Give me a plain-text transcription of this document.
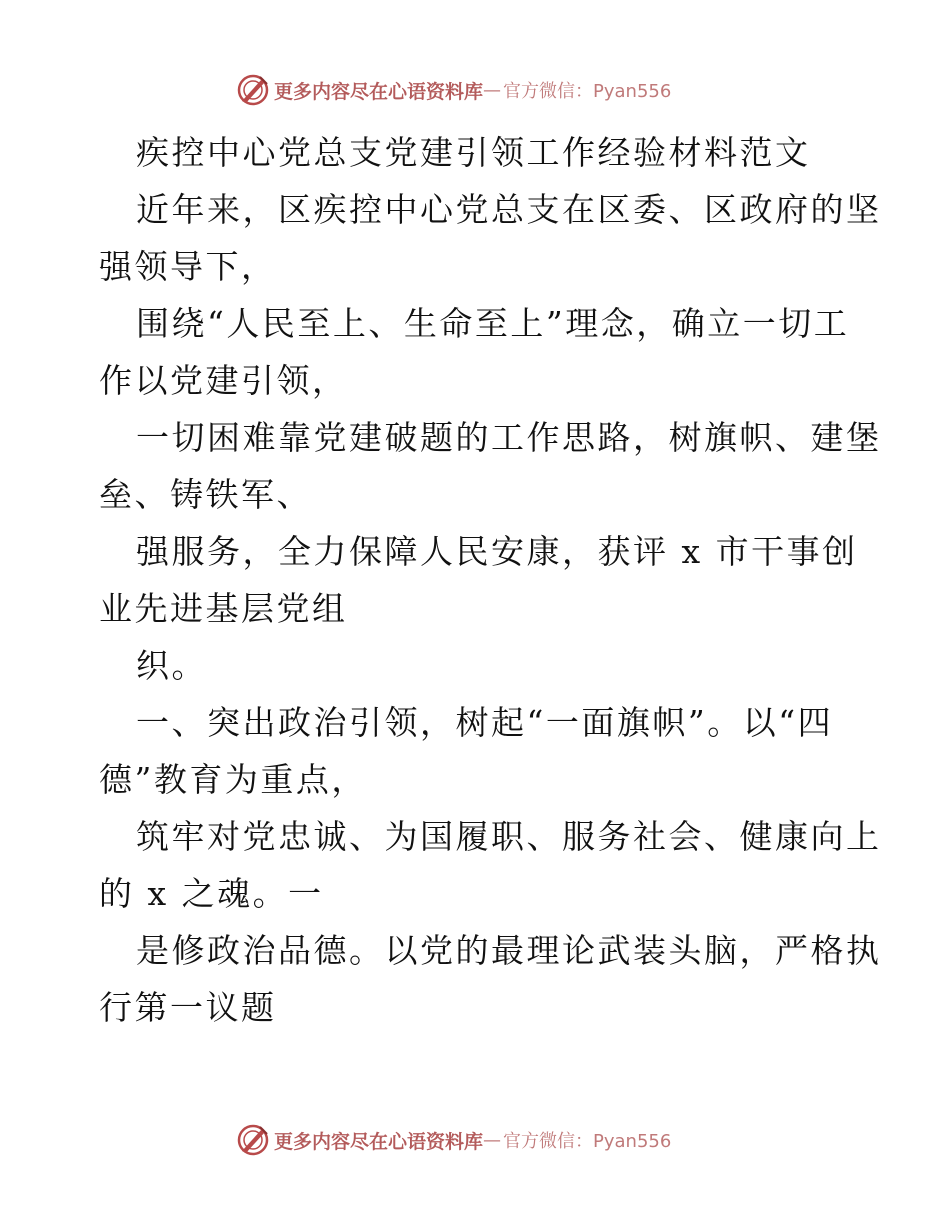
更多内容尽在心语资料库 — 官方微信：Pyan556
疾控中心党总支党建引领工作经验材料范文
近年来，区疾控中心党总支在区委、区政府的坚
强领导下，
围绕“人民至上、生命至上”理念，确立一切工
作以党建引领，
一切困难靠党建破题的工作思路，树旗帜、建堡
垒、铸铁军、
强服务，全力保障人民安康，获评 x 市干事创
业先进基层党组
织。
一、突出政治引领，树起“一面旗帜”。以“四
德”教育为重点，
筑牢对党忠诚、为国履职、服务社会、健康向上
的 x 之魂。一
是修政治品德。以党的最理论武装头脑，严格执
行第一议题
更多内容尽在心语资料库 — 官方微信：Pyan556
